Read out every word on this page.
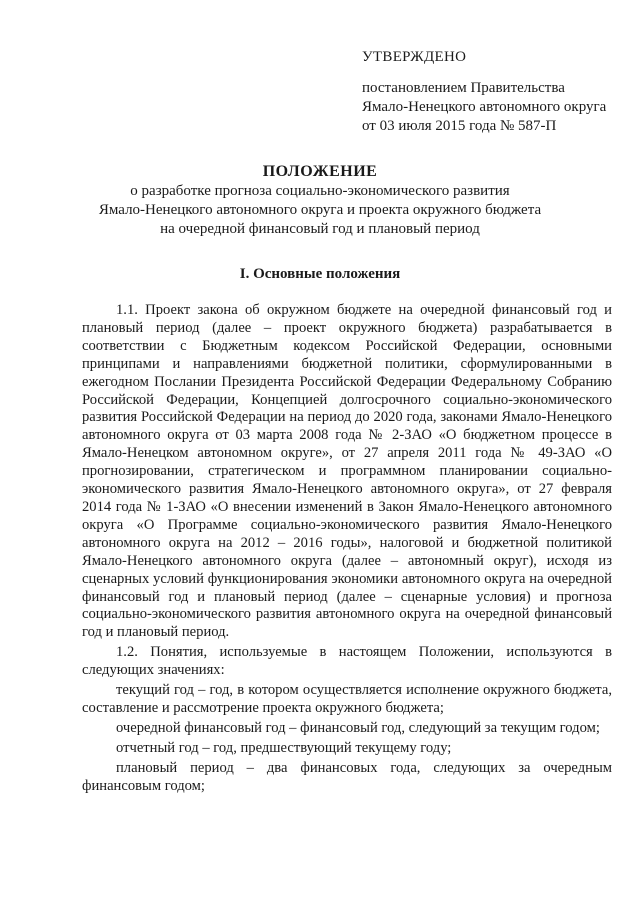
УТВЕРЖДЕНО
постановлением Правительства
Ямало-Ненецкого автономного округа
от 03 июля 2015 года № 587-П
ПОЛОЖЕНИЕ
о разработке прогноза социально-экономического развития
Ямало-Ненецкого автономного округа и проекта окружного бюджета
на очередной финансовый год и плановый период
I. Основные положения

1.1. Проект закона об окружном бюджете на очередной финансовый год и плановый период (далее – проект окружного бюджета) разрабатывается в соответствии с Бюджетным кодексом Российской Федерации, основными принципами и направлениями бюджетной политики, сформулированными в ежегодном Послании Президента Российской Федерации Федеральному Собранию Российской Федерации, Концепцией долгосрочного социально-экономического развития Российской Федерации на период до 2020 года, законами Ямало-Ненецкого автономного округа от 03 марта 2008 года № 2-ЗАО «О бюджетном процессе в Ямало-Ненецком автономном округе», от 27 апреля 2011 года № 49-ЗАО «О прогнозировании, стратегическом и программном планировании социально-экономического развития Ямало-Ненецкого автономного округа», от 27 февраля 2014 года № 1-ЗАО «О внесении изменений в Закон Ямало-Ненецкого автономного округа «О Программе социально-экономического развития Ямало-Ненецкого автономного округа на 2012 – 2016 годы», налоговой и бюджетной политикой Ямало-Ненецкого автономного округа (далее – автономный округ), исходя из сценарных условий функционирования экономики автономного округа на очередной финансовый год и плановый период (далее – сценарные условия) и прогноза социально-экономического развития автономного округа на очередной финансовый год и плановый период.

1.2. Понятия, используемые в настоящем Положении, используются в следующих значениях:

текущий год – год, в котором осуществляется исполнение окружного бюджета, составление и рассмотрение проекта окружного бюджета;

очередной финансовый год – финансовый год, следующий за текущим годом;

отчетный год – год, предшествующий текущему году;

плановый период – два финансовых года, следующих за очередным финансовым годом;
